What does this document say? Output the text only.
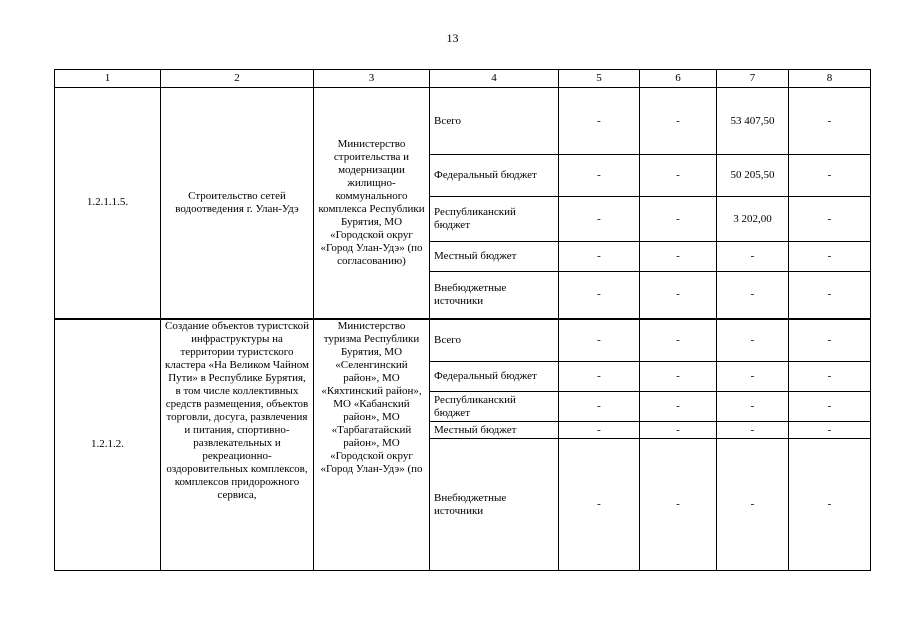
13
1	2	3	4	5	6	7	8
1.2.1.1.5.	Строительство сетей водоотведения г. Улан-Удэ	Министерство строительства и модернизации жилищно-коммунального комплекса Республики Бурятия, МО «Городской округ «Город Улан-Удэ» (по согласованию)	Всего	-	-	53 407,50	-
			Федеральный бюджет	-	-	50 205,50	-
			Республиканский бюджет	-	-	3 202,00	-
			Местный бюджет	-	-	-	-
			Внебюджетные источники	-	-	-	-
1.2.1.2.	Создание объектов туристской инфраструктуры на территории туристского кластера «На Великом Чайном Пути» в Республике Бурятия, в том числе коллективных средств размещения, объектов торговли, досуга, развлечения и питания, спортивно-развлекательных и рекреационно-оздоровительных комплексов, комплексов придорожного сервиса,	Министерство туризма Республики Бурятия, МО «Селенгинский район», МО «Кяхтинский район», МО «Кабанский район», МО «Тарбагатайский район», МО «Городской округ «Город Улан-Удэ» (по	Всего	-	-	-	-
			Федеральный бюджет	-	-	-	-
			Республиканский бюджет	-	-	-	-
			Местный бюджет	-	-	-	-
			Внебюджетные источники	-	-	-	-
